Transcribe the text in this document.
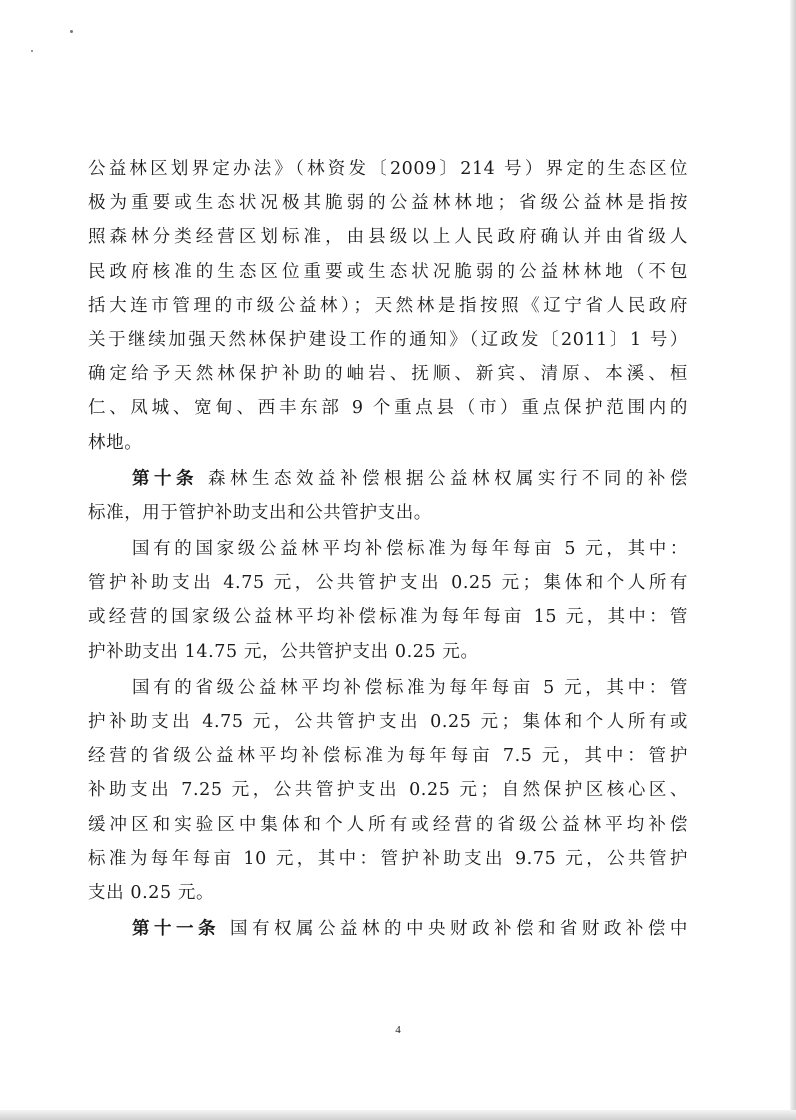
公益林区划界定办法》（林资发〔2009〕214 号）界定的生态区位
极为重要或生态状况极其脆弱的公益林林地；省级公益林是指按
照森林分类经营区划标准，由县级以上人民政府确认并由省级人
民政府核准的生态区位重要或生态状况脆弱的公益林林地（不包
括大连市管理的市级公益林）；天然林是指按照《辽宁省人民政府
关于继续加强天然林保护建设工作的通知》（辽政发〔2011〕1 号）
确定给予天然林保护补助的岫岩、抚顺、新宾、清原、本溪、桓
仁、凤城、宽甸、西丰东部 9 个重点县（市）重点保护范围内的
林地。
第十条 森林生态效益补偿根据公益林权属实行不同的补偿
标准，用于管护补助支出和公共管护支出。
国有的国家级公益林平均补偿标准为每年每亩 5 元，其中：
管护补助支出 4.75 元，公共管护支出 0.25 元；集体和个人所有
或经营的国家级公益林平均补偿标准为每年每亩 15 元，其中：管
护补助支出 14.75 元，公共管护支出 0.25 元。
国有的省级公益林平均补偿标准为每年每亩 5 元，其中：管
护补助支出 4.75 元，公共管护支出 0.25 元；集体和个人所有或
经营的省级公益林平均补偿标准为每年每亩 7.5 元，其中：管护
补助支出 7.25 元，公共管护支出 0.25 元；自然保护区核心区、
缓冲区和实验区中集体和个人所有或经营的省级公益林平均补偿
标准为每年每亩 10 元，其中：管护补助支出 9.75 元，公共管护
支出 0.25 元。
第十一条 国有权属公益林的中央财政补偿和省财政补偿中
4
